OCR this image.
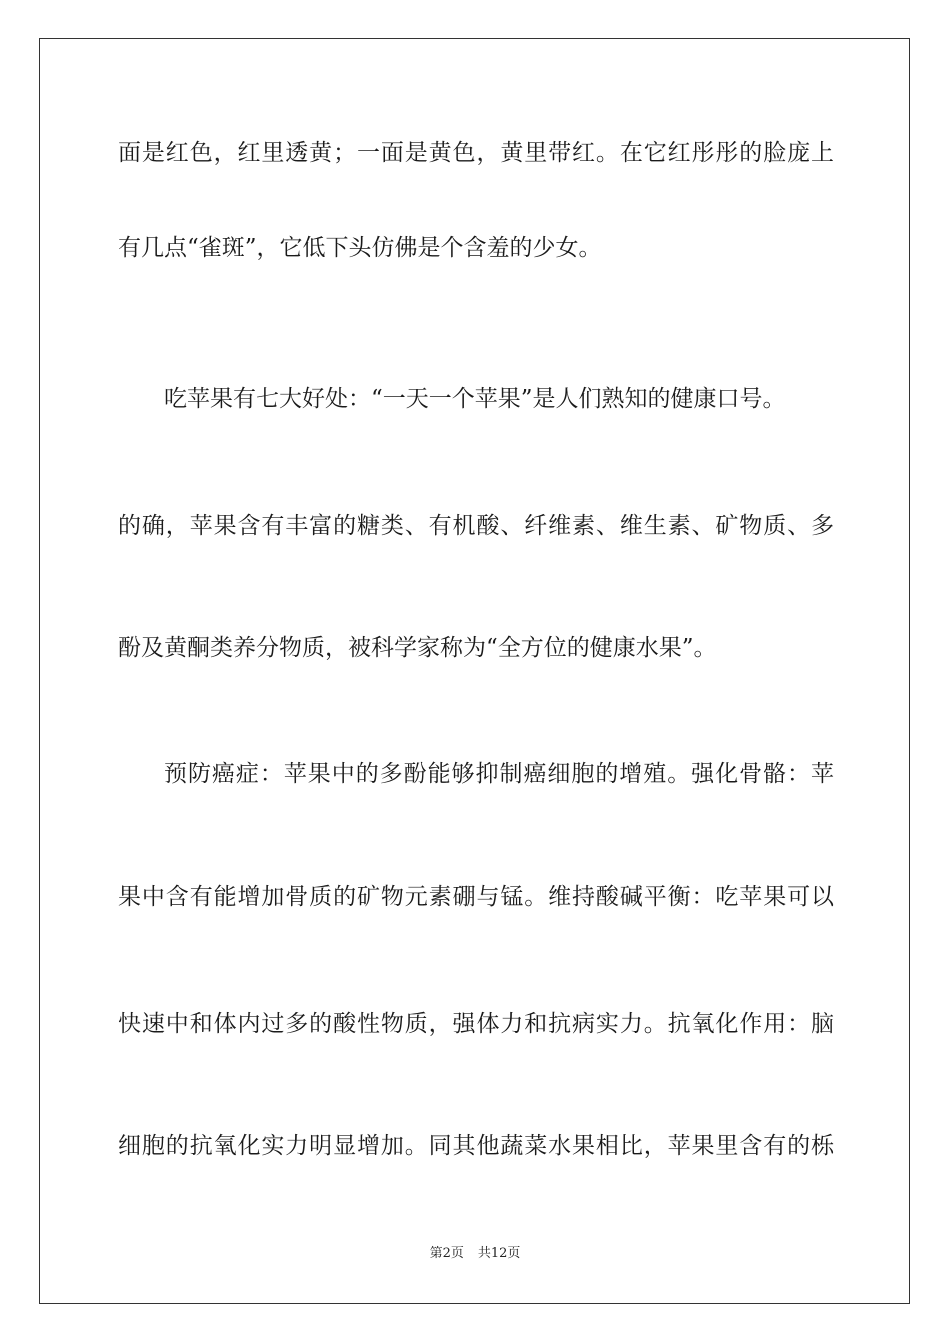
面是红色，红里透黄；一面是黄色，黄里带红。在它红彤彤的脸庞上
有几点“雀斑”，它低下头仿佛是个含羞的少女。
吃苹果有七大好处：“一天一个苹果”是人们熟知的健康口号。
的确，苹果含有丰富的糖类、有机酸、纤维素、维生素、矿物质、多
酚及黄酮类养分物质，被科学家称为“全方位的健康水果”。
预防癌症：苹果中的多酚能够抑制癌细胞的增殖。强化骨骼：苹
果中含有能增加骨质的矿物元素硼与锰。维持酸碱平衡：吃苹果可以
快速中和体内过多的酸性物质，强体力和抗病实力。抗氧化作用：脑
细胞的抗氧化实力明显增加。同其他蔬菜水果相比，苹果里含有的栎
第2页 共12页
